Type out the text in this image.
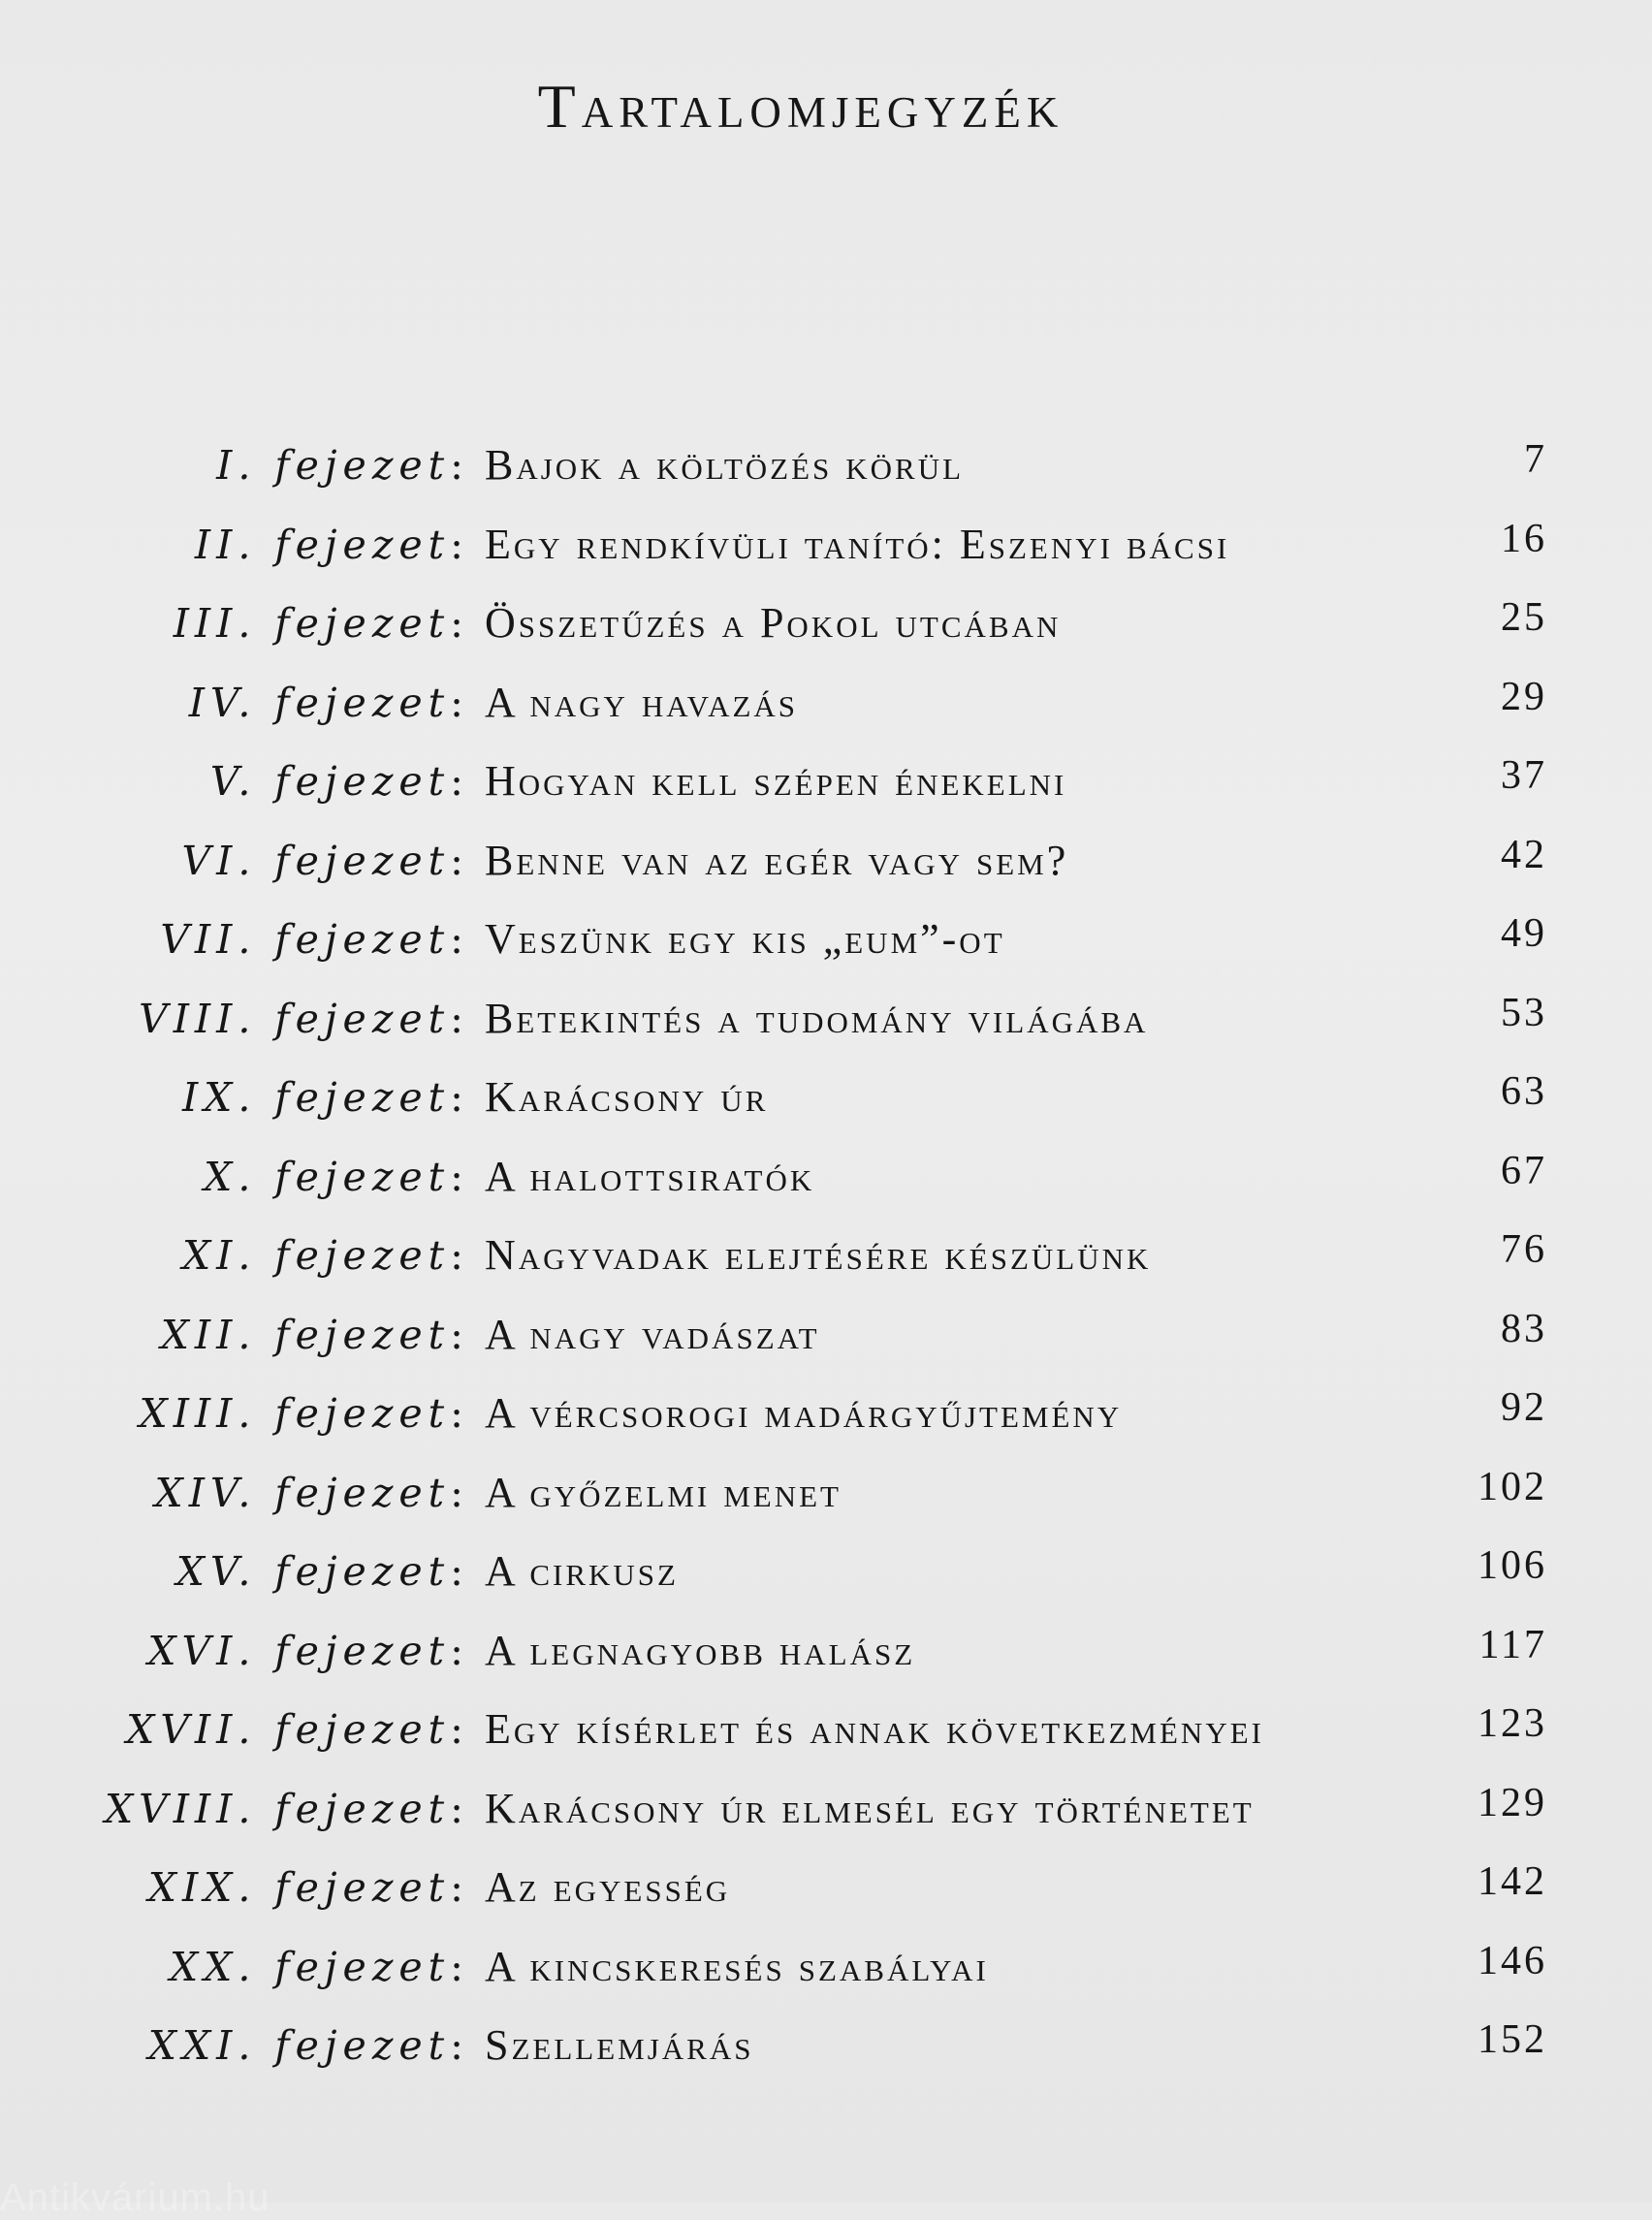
Tartalomjegyzék
I. fejezet: Bajok a költözés körül	7
II. fejezet: Egy rendkívüli tanító: Eszenyi bácsi	16
III. fejezet: Összetűzés a Pokol utcában	25
IV. fejezet: A nagy havazás	29
V. fejezet: Hogyan kell szépen énekelni	37
VI. fejezet: Benne van az egér vagy sem?	42
VII. fejezet: Veszünk egy kis „eum”-ot	49
VIII. fejezet: Betekintés a tudomány világába	53
IX. fejezet: Karácsony úr	63
X. fejezet: A halottsiratók	67
XI. fejezet: Nagyvadak elejtésére készülünk	76
XII. fejezet: A nagy vadászat	83
XIII. fejezet: A vércsorogi madárgyűjtemény	92
XIV. fejezet: A győzelmi menet	102
XV. fejezet: A cirkusz	106
XVI. fejezet: A legnagyobb halász	117
XVII. fejezet: Egy kísérlet és annak következményei	123
XVIII. fejezet: Karácsony úr elmesél egy történetet	129
XIX. fejezet: Az egyesség	142
XX. fejezet: A kincskeresés szabályai	146
XXI. fejezet: Szellemjárás	152
Antikvárium.hu
